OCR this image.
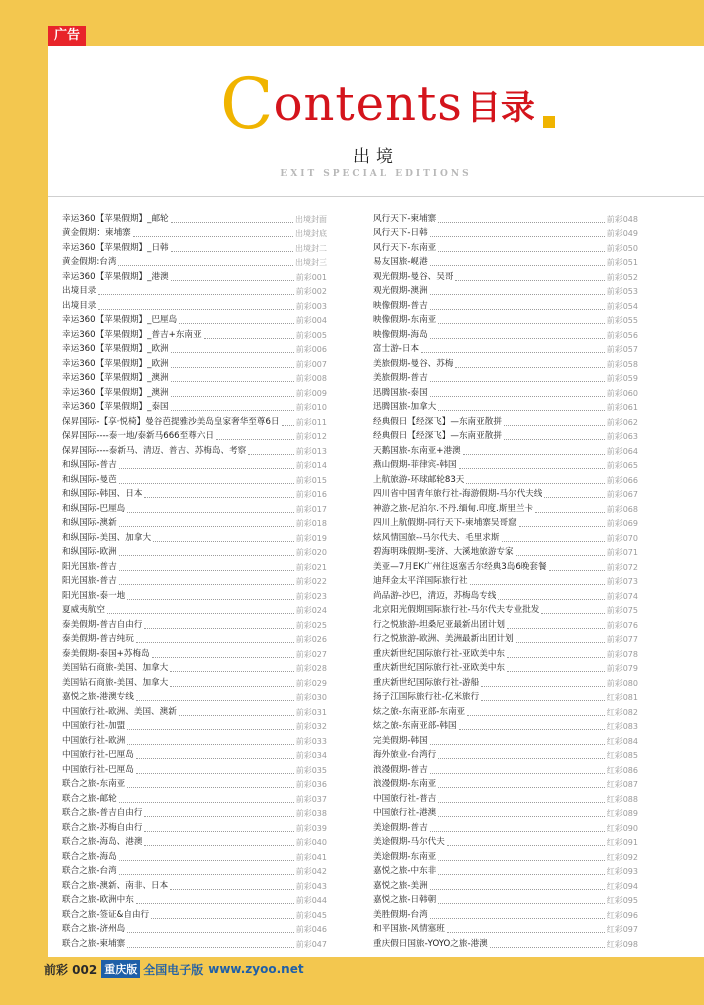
广告
Contents 目录
出境
EXIT SPECIAL EDITIONS
幸运360【苹果假期】_邮轮	出境封面
黄金假期：柬埔寨	出境封底
幸运360【苹果假期】_日韩	出境封二
黄金假期:台湾	出境封三
幸运360【苹果假期】_港澳	前彩001
出境目录	前彩002
出境目录	前彩003
幸运360【苹果假期】_巴厘岛	前彩004
幸运360【苹果假期】_普吉+东南亚	前彩005
幸运360【苹果假期】_欧洲	前彩006
幸运360【苹果假期】_欧洲	前彩007
幸运360【苹果假期】_澳洲	前彩008
幸运360【苹果假期】_澳洲	前彩009
幸运360【苹果假期】_泰国	前彩010
保昇国际-【享·悦椅】曼谷芭提雅沙美岛皇家奢华至尊6日 前彩011
保昇国际----泰一地/泰新马666至尊六日	前彩012
保昇国际----泰新马、清迈、普吉、苏梅岛、考察	前彩013
和纵国际-普吉	前彩014
和纵国际-曼芭	前彩015
和纵国际-韩国、日本	前彩016
和纵国际-巴厘岛	前彩017
和纵国际-澳新	前彩018
和纵国际-美国、加拿大	前彩019
和纵国际-欧洲	前彩020
阳光国旅-普吉	前彩021
阳光国旅-普吉	前彩022
阳光国旅-泰一地	前彩023
夏威夷航空	前彩024
泰美假期-普吉自由行	前彩025
泰美假期-普吉纯玩	前彩026
泰美假期-泰国+苏梅岛	前彩027
美国钻石商旅-美国、加拿大	前彩028
美国钻石商旅-美国、加拿大	前彩029
嘉悦之旅-港澳专线	前彩030
中国旅行社-欧洲、美国、澳新	前彩031
中国旅行社-加盟	前彩032
中国旅行社-欧洲	前彩033
中国旅行社-巴厘岛	前彩034
中国旅行社-巴厘岛	前彩035
联合之旅-东南亚	前彩036
联合之旅-邮轮	前彩037
联合之旅-普吉自由行	前彩038
联合之旅-苏梅自由行	前彩039
联合之旅-海岛、港澳	前彩040
联合之旅-海岛	前彩041
联合之旅-台湾	前彩042
联合之旅-澳新、南非、日本	前彩043
联合之旅-欧洲中东	前彩044
联合之旅-签证&自由行	前彩045
联合之旅-济州岛	前彩046
联合之旅-柬埔寨	前彩047
风行天下-柬埔寨	前彩048
风行天下-日韩	前彩049
风行天下-东南亚	前彩050
易友国旅-岘港	前彩051
观光假期-曼谷、吴哥	前彩052
观光假期-澳洲	前彩053
映像假期-普吉	前彩054
映像假期-东南亚	前彩055
映像假期-海岛	前彩056
富士游-日本	前彩057
美旅假期-曼谷、苏梅	前彩058
美旅假期-普吉	前彩059
迅腾国旅-泰国	前彩060
迅腾国旅-加拿大	前彩061
经典假日【经深飞】—东南亚散拼	前彩062
经典假日【经深飞】—东南亚散拼	前彩063
天鹅国旅-东南亚+港澳	前彩064
燕山假期-菲律宾-韩国	前彩065
上航旅游-环球邮轮83天	前彩066
四川省中国青年旅行社-海游假期-马尔代夫线	前彩067
神游之旅-尼泊尔.不丹.缅甸.印度.斯里兰卡	前彩068
四川上航假期-同行天下-柬埔寨吴哥窟	前彩069
炫风情国旅--马尔代夫、毛里求斯	前彩070
碧海明珠假期-斐济、大溪地旅游专家	前彩071
美亚—7月EK广州往返塞舌尔经典3岛6晚套餐	前彩072
迪拜金太平洋国际旅行社	前彩073
尚品游-沙巴，清迈，苏梅岛专线	前彩074
北京阳光假期国际旅行社-马尔代夫专业批发	前彩075
行之悦旅游-坦桑尼亚最新出团计划	前彩076
行之悦旅游-欧洲、美洲最新出团计划	前彩077
重庆新世纪国际旅行社-亚欧美中东	前彩078
重庆新世纪国际旅行社-亚欧美中东	前彩079
重庆新世纪国际旅行社-游船	前彩080
扬子江国际旅行社-亿米旅行	红彩081
炫之旅-东南亚部-东南亚	红彩082
炫之旅-东南亚部-韩国	红彩083
完美假期-韩国	红彩084
海外旅业-台湾行	红彩085
浪漫假期-普吉	红彩086
浪漫假期-东南亚	红彩087
中国旅行社-普吉	红彩088
中国旅行社-港澳	红彩089
美途假期-普吉	红彩090
美途假期-马尔代夫	红彩091
美途假期-东南亚	红彩092
嘉悦之旅-中东非	红彩093
嘉悦之旅-美洲	红彩094
嘉悦之旅-日韩朝	红彩095
美胜假期-台湾	红彩096
和平国旅-风情塞班	红彩097
重庆假日国旅-YOYO之旅-港澳	红彩098
前彩 002 重庆版 全国电子版 www.zyoo.net
